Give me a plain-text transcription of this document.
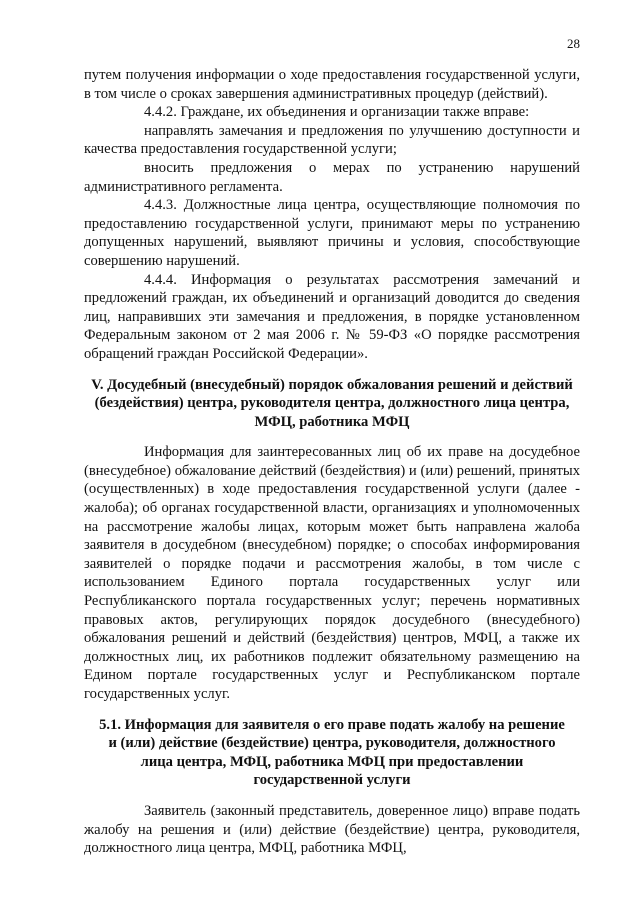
28

путем получения информации о ходе предоставления государственной услуги, в том числе о сроках завершения административных процедур (действий).

4.4.2. Граждане, их объединения и организации также вправе:

направлять замечания и предложения по улучшению доступности и качества предоставления государственной услуги;

вносить предложения о мерах по устранению нарушений административного регламента.

4.4.3. Должностные лица центра, осуществляющие полномочия по предоставлению государственной услуги, принимают меры по устранению допущенных нарушений, выявляют причины и условия, способствующие совершению нарушений.

4.4.4. Информация о результатах рассмотрения замечаний и предложений граждан, их объединений и организаций доводится до сведения лиц, направивших эти замечания и предложения, в порядке установленном Федеральным законом от 2 мая 2006 г. № 59-ФЗ «О порядке рассмотрения обращений граждан Российской Федерации».

V. Досудебный (внесудебный) порядок обжалования решений и действий (бездействия) центра, руководителя центра, должностного лица центра, МФЦ, работника МФЦ

Информация для заинтересованных лиц об их праве на досудебное (внесудебное) обжалование действий (бездействия) и (или) решений, принятых (осуществленных) в ходе предоставления государственной услуги (далее - жалоба); об органах государственной власти, организациях и уполномоченных на рассмотрение жалобы лицах, которым может быть направлена жалоба заявителя в досудебном (внесудебном) порядке; о способах информирования заявителей о порядке подачи и рассмотрения жалобы, в том числе с использованием Единого портала государственных услуг или Республиканского портала государственных услуг; перечень нормативных правовых актов, регулирующих порядок досудебного (внесудебного) обжалования решений и действий (бездействия) центров, МФЦ, а также их должностных лиц, их работников подлежит обязательному размещению на Едином портале государственных услуг и Республиканском портале государственных услуг.

5.1. Информация для заявителя о его праве подать жалобу на решение и (или) действие (бездействие) центра, руководителя, должностного лица центра, МФЦ, работника МФЦ при предоставлении государственной услуги

Заявитель (законный представитель, доверенное лицо) вправе подать жалобу на решения и (или) действие (бездействие) центра, руководителя, должностного лица центра, МФЦ, работника МФЦ,
